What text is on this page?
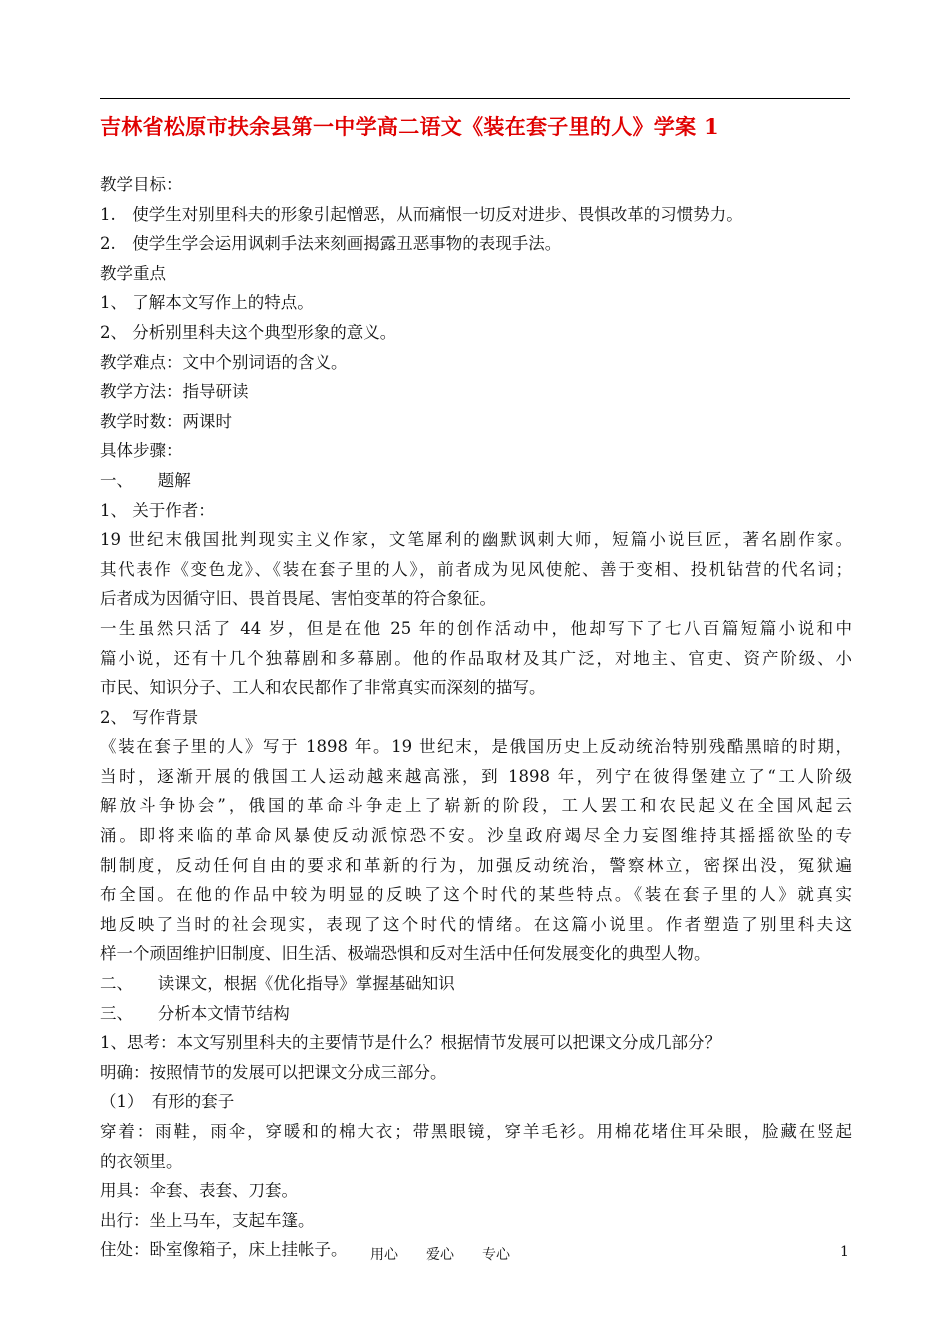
吉林省松原市扶余县第一中学高二语文《装在套子里的人》学案 1
教学目标：
1.　使学生对别里科夫的形象引起憎恶，从而痛恨一切反对进步、畏惧改革的习惯势力。
2.　使学生学会运用讽刺手法来刻画揭露丑恶事物的表现手法。
教学重点
1、 了解本文写作上的特点。
2、 分析别里科夫这个典型形象的意义。
教学难点：文中个别词语的含义。
教学方法：指导研读
教学时数：两课时
具体步骤：
一、　　题解
1、 关于作者：
19 世纪末俄国批判现实主义作家，文笔犀利的幽默讽刺大师，短篇小说巨匠，著名剧作家。
其代表作《变色龙》、《装在套子里的人》，前者成为见风使舵、善于变相、投机钻营的代名词；
后者成为因循守旧、畏首畏尾、害怕变革的符合象征。
一生虽然只活了 44 岁，但是在他 25 年的创作活动中，他却写下了七八百篇短篇小说和中
篇小说，还有十几个独幕剧和多幕剧。他的作品取材及其广泛，对地主、官吏、资产阶级、小
市民、知识分子、工人和农民都作了非常真实而深刻的描写。
2、 写作背景
《装在套子里的人》写于 1898 年。19 世纪末，是俄国历史上反动统治特别残酷黑暗的时期，
当时，逐渐开展的俄国工人运动越来越高涨，到 1898 年，列宁在彼得堡建立了“工人阶级
解放斗争协会”，俄国的革命斗争走上了崭新的阶段，工人罢工和农民起义在全国风起云
涌。即将来临的革命风暴使反动派惊恐不安。沙皇政府竭尽全力妄图维持其摇摇欲坠的专
制制度，反动任何自由的要求和革新的行为，加强反动统治，警察林立，密探出没，冤狱遍
布全国。在他的作品中较为明显的反映了这个时代的某些特点。《装在套子里的人》就真实
地反映了当时的社会现实，表现了这个时代的情绪。在这篇小说里。作者塑造了别里科夫这
样一个顽固维护旧制度、旧生活、极端恐惧和反对生活中任何发展变化的典型人物。
二、　　读课文，根据《优化指导》掌握基础知识
三、　　分析本文情节结构
1、思考：本文写别里科夫的主要情节是什么？根据情节发展可以把课文分成几部分？
明确：按照情节的发展可以把课文分成三部分。
（1）　有形的套子
穿着：雨鞋，雨伞，穿暖和的棉大衣；带黑眼镜，穿羊毛衫。用棉花堵住耳朵眼，脸藏在竖起
的衣领里。
用具：伞套、表套、刀套。
出行：坐上马车，支起车篷。
住处：卧室像箱子，床上挂帐子。	用心　　爱心　　专心	1
